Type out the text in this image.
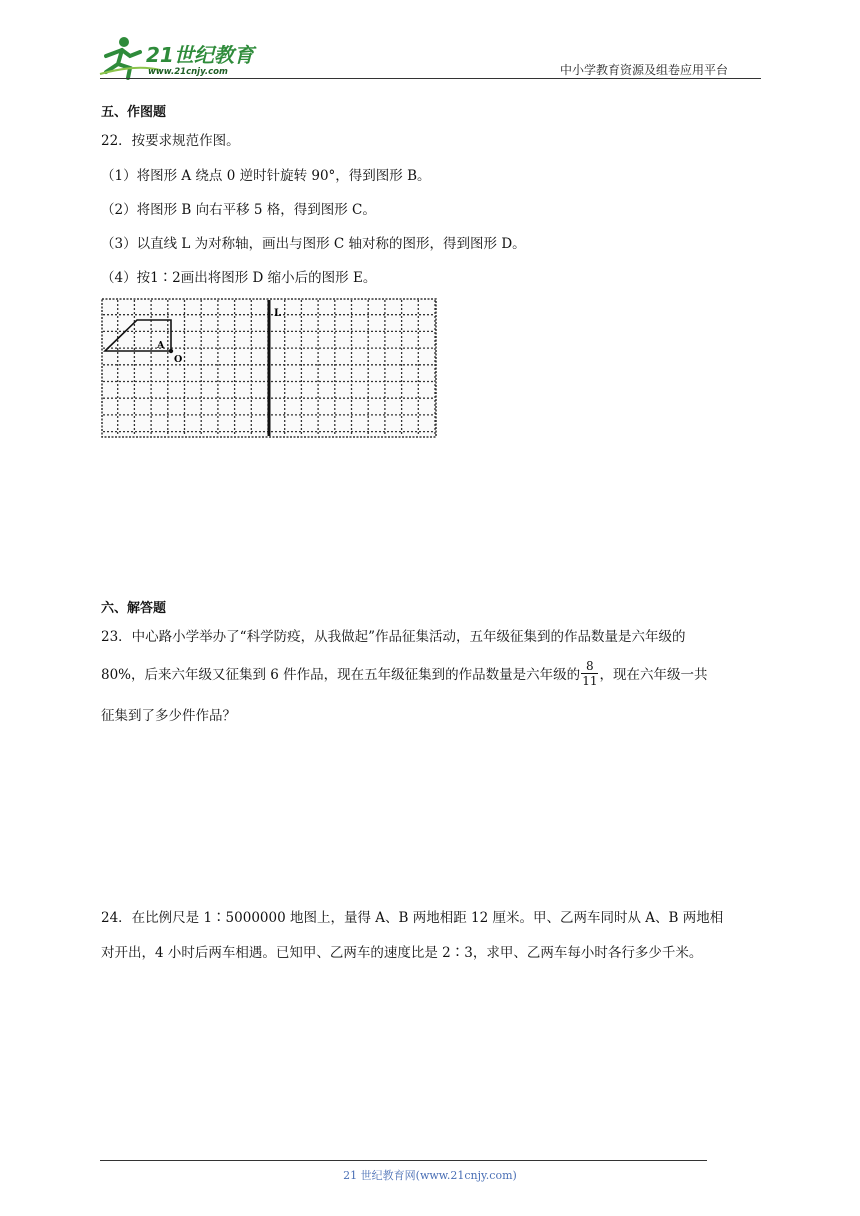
21世纪教育
www.21cnjy.com	中小学教育资源及组卷应用平台
五、作图题
22．按要求规范作图。
（1）将图形 A 绕点 0 逆时针旋转 90°，得到图形 B。
（2）将图形 B 向右平移 5 格，得到图形 C。
（3）以直线 L 为对称轴，画出与图形 C 轴对称的图形，得到图形 D。
（4）按1∶2画出将图形 D 缩小后的图形 E。
L
A
O
六、解答题
23．中心路小学举办了“科学防疫，从我做起”作品征集活动，五年级征集到的作品数量是六年级的
80%，后来六年级又征集到 6 件作品，现在五年级征集到的作品数量是六年级的 $\frac{8}{11}$ ，现在六年级一共
征集到了多少件作品？
24．在比例尺是 1∶5000000 地图上，量得 A、B 两地相距 12 厘米。甲、乙两车同时从 A、B 两地相
对开出，4 小时后两车相遇。已知甲、乙两车的速度比是 2∶3，求甲、乙两车每小时各行多少千米。
21 世纪教育网(www.21cnjy.com)
